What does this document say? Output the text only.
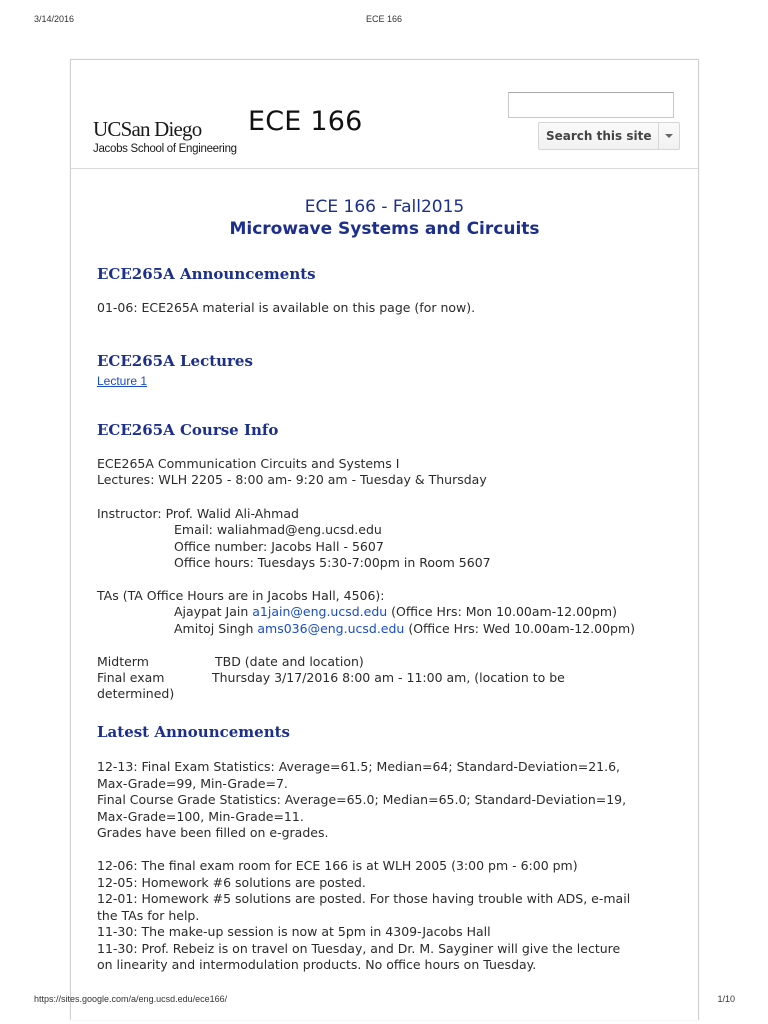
3/14/2016	ECE 166
UCSan Diego
Jacobs School of Engineering
ECE 166	Search this site
ECE 166 - Fall2015
Microwave Systems and Circuits
ECE265A Announcements

01-06: ECE265A material is available on this page (for now).

ECE265A Lectures
Lecture 1
ECE265A Course Info

ECE265A Communication Circuits and Systems I

Lectures: WLH 2205 - 8:00 am- 9:20 am - Tuesday & Thursday

Instructor: Prof. Walid Ali-Ahmad

Email: waliahmad@eng.ucsd.edu

Office number: Jacobs Hall - 5607

Office hours: Tuesdays 5:30-7:00pm in Room 5607

TAs (TA Office Hours are in Jacobs Hall, 4506):

Ajaypat Jain a1jain@eng.ucsd.edu (Office Hrs: Mon 10.00am-12.00pm)

Amitoj Singh ams036@eng.ucsd.edu (Office Hrs: Wed 10.00am-12.00pm)

Midterm	TBD (date and location)

Final exam	Thursday 3/17/2016 8:00 am - 11:00 am, (location to be

determined)

Latest Announcements

12-13: Final Exam Statistics: Average=61.5; Median=64; Standard-Deviation=21.6,
Max-Grade=99, Min-Grade=7.
Final Course Grade Statistics: Average=65.0; Median=65.0; Standard-Deviation=19,
Max-Grade=100, Min-Grade=11.
Grades have been filled on e-grades.

12-06: The final exam room for ECE 166 is at WLH 2005 (3:00 pm - 6:00 pm)
12-05: Homework #6 solutions are posted.
12-01: Homework #5 solutions are posted. For those having trouble with ADS, e-mail
the TAs for help.
11-30: The make-up session is now at 5pm in 4309-Jacobs Hall
11-30: Prof. Rebeiz is on travel on Tuesday, and Dr. M. Sayginer will give the lecture
on linearity and intermodulation products. No office hours on Tuesday.

https://sites.google.com/a/eng.ucsd.edu/ece166/	1/10
